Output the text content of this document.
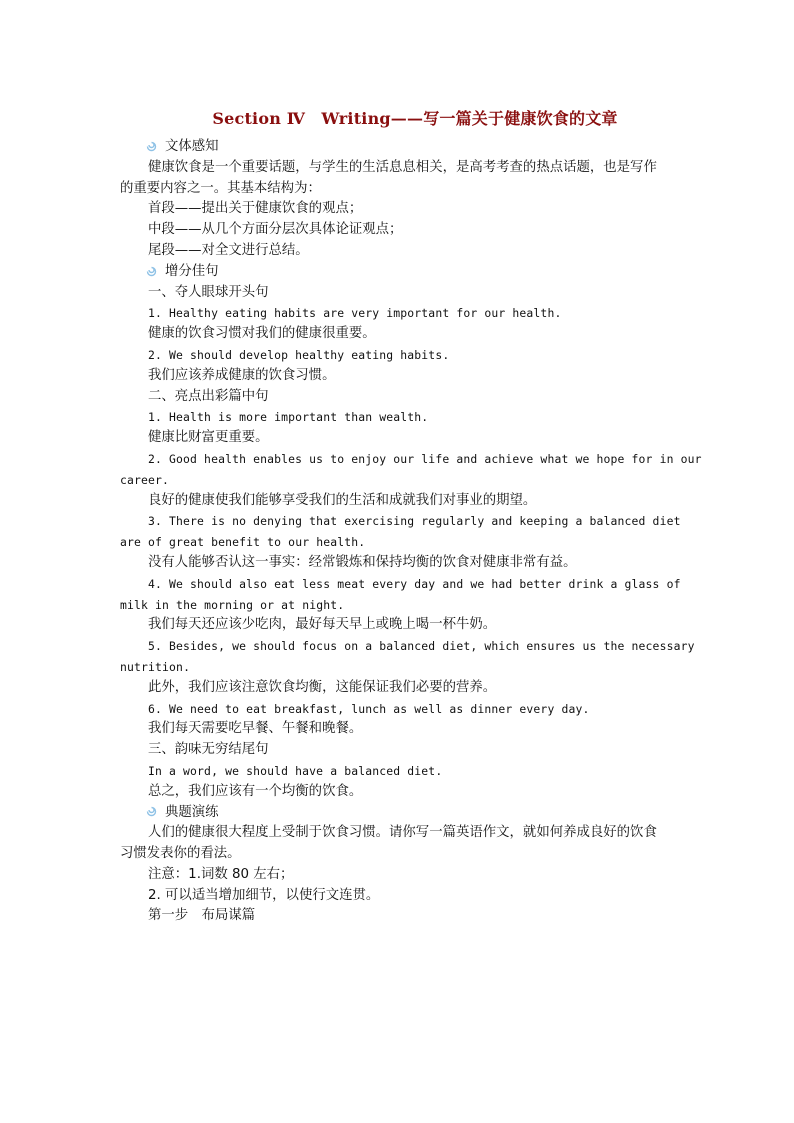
Section Ⅳ　Writing——写一篇关于健康饮食的文章
文体感知
健康饮食是一个重要话题，与学生的生活息息相关，是高考考查的热点话题，也是写作
的重要内容之一。其基本结构为：
首段——提出关于健康饮食的观点；
中段——从几个方面分层次具体论证观点；
尾段——对全文进行总结。
增分佳句
一、夺人眼球开头句
1. Healthy eating habits are very important for our health.
健康的饮食习惯对我们的健康很重要。
2. We should develop healthy eating habits.
我们应该养成健康的饮食习惯。
二、亮点出彩篇中句
1. Health is more important than wealth.
健康比财富更重要。
2. Good health enables us to enjoy our life and achieve what we hope for in our
career.
良好的健康使我们能够享受我们的生活和成就我们对事业的期望。
3. There is no denying that exercising regularly and keeping a balanced diet
are of great benefit to our health.
没有人能够否认这一事实：经常锻炼和保持均衡的饮食对健康非常有益。
4. We should also eat less meat every day and we had better drink a glass of
milk in the morning or at night.
我们每天还应该少吃肉，最好每天早上或晚上喝一杯牛奶。
5. Besides, we should focus on a balanced diet, which ensures us the necessary
nutrition.
此外，我们应该注意饮食均衡，这能保证我们必要的营养。
6. We need to eat breakfast, lunch as well as dinner every day.
我们每天需要吃早餐、午餐和晚餐。
三、韵味无穷结尾句
In a word, we should have a balanced diet.
总之，我们应该有一个均衡的饮食。
典题演练
人们的健康很大程度上受制于饮食习惯。请你写一篇英语作文，就如何养成良好的饮食
习惯发表你的看法。
注意：1.词数 80 左右；
2. 可以适当增加细节，以使行文连贯。
第一步　布局谋篇
